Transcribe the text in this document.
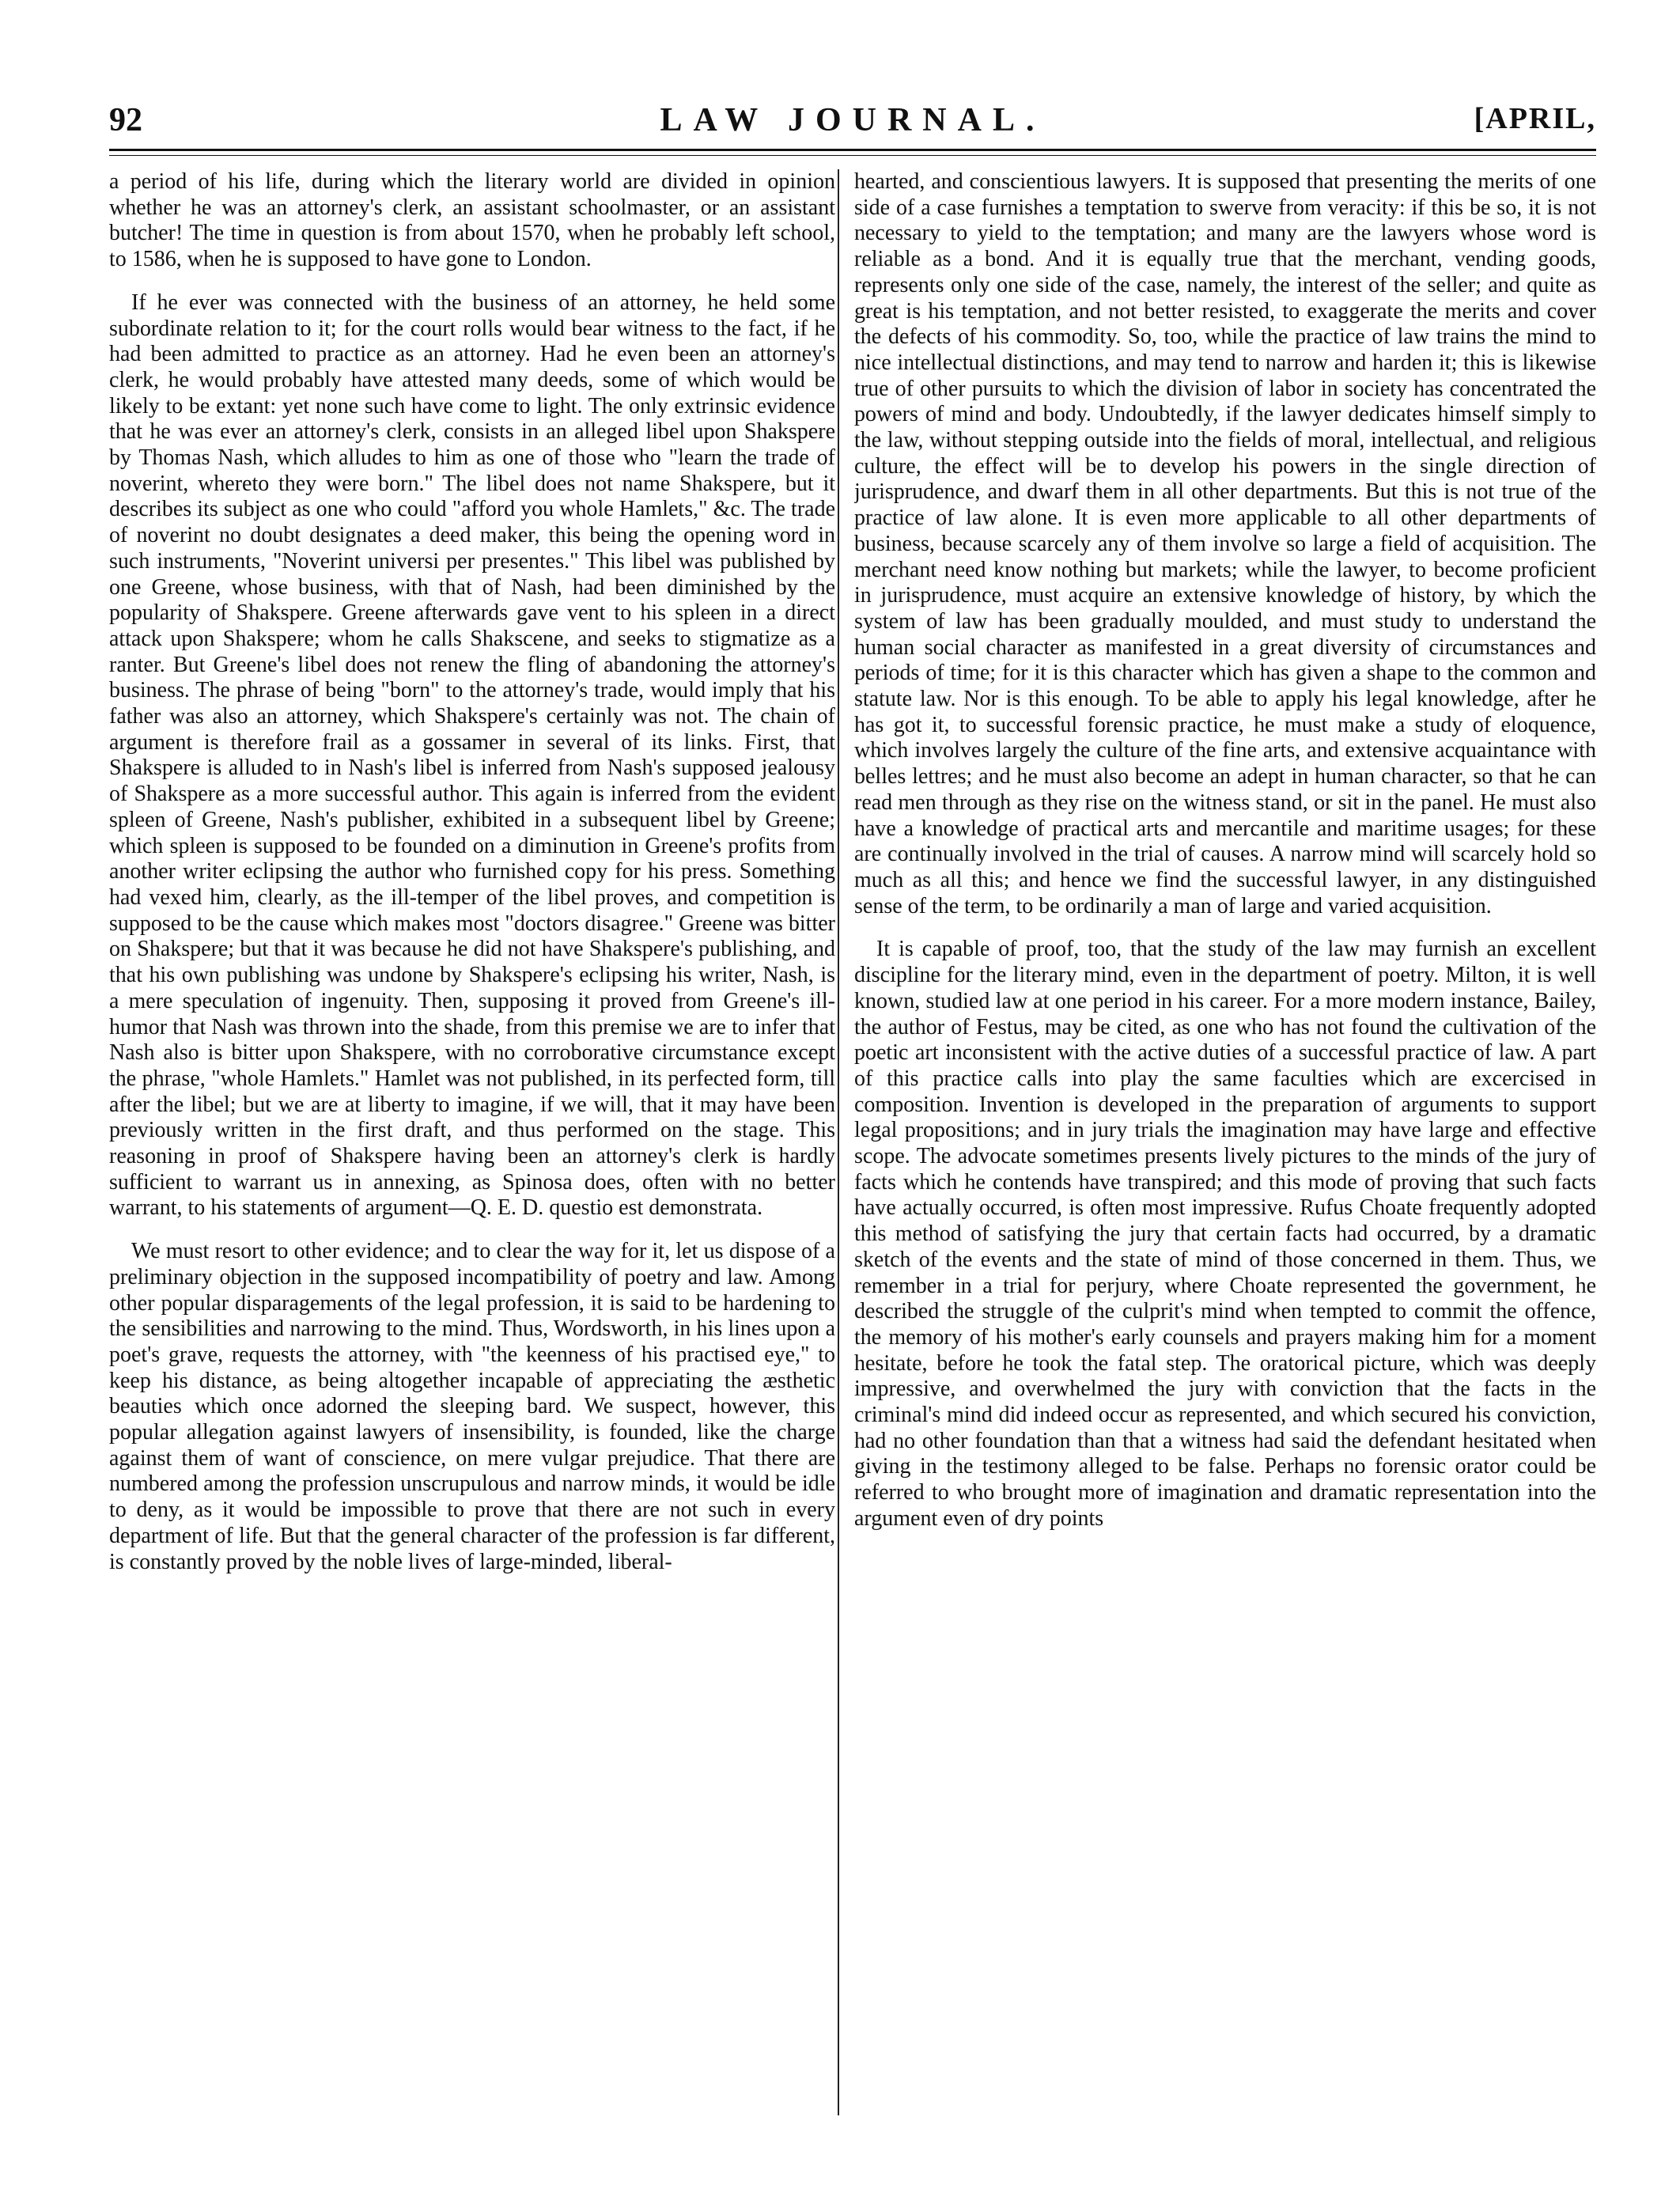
92	LAW JOURNAL.	[APRIL,

a period of his life, during which the literary world are divided in opinion whether he was an attorney's clerk, an assistant schoolmaster, or an assistant butcher! The time in question is from about 1570, when he probably left school, to 1586, when he is supposed to have gone to London.

If he ever was connected with the business of an attorney, he held some subordinate relation to it; for the court rolls would bear witness to the fact, if he had been admitted to practice as an attorney. Had he even been an attorney's clerk, he would probably have attested many deeds, some of which would be likely to be extant: yet none such have come to light. The only extrinsic evidence that he was ever an attorney's clerk, consists in an alleged libel upon Shakspere by Thomas Nash, which alludes to him as one of those who "learn the trade of noverint, whereto they were born." The libel does not name Shakspere, but it describes its subject as one who could "afford you whole Hamlets," &c. The trade of noverint no doubt designates a deed maker, this being the opening word in such instruments, "Noverint universi per presentes." This libel was published by one Greene, whose business, with that of Nash, had been diminished by the popularity of Shakspere. Greene afterwards gave vent to his spleen in a direct attack upon Shakspere; whom he calls Shakscene, and seeks to stigmatize as a ranter. But Greene's libel does not renew the fling of abandoning the attorney's business. The phrase of being "born" to the attorney's trade, would imply that his father was also an attorney, which Shakspere's certainly was not. The chain of argument is therefore frail as a gossamer in several of its links. First, that Shakspere is alluded to in Nash's libel is inferred from Nash's supposed jealousy of Shakspere as a more successful author. This again is inferred from the evident spleen of Greene, Nash's publisher, exhibited in a subsequent libel by Greene; which spleen is supposed to be founded on a diminution in Greene's profits from another writer eclipsing the author who furnished copy for his press. Something had vexed him, clearly, as the ill-temper of the libel proves, and competition is supposed to be the cause which makes most "doctors disagree." Greene was bitter on Shakspere; but that it was because he did not have Shakspere's publishing, and that his own publishing was undone by Shakspere's eclipsing his writer, Nash, is a mere speculation of ingenuity. Then, supposing it proved from Greene's ill-humor that Nash was thrown into the shade, from this premise we are to infer that Nash also is bitter upon Shakspere, with no corroborative circumstance except the phrase, "whole Hamlets." Hamlet was not published, in its perfected form, till after the libel; but we are at liberty to imagine, if we will, that it may have been previously written in the first draft, and thus performed on the stage. This reasoning in proof of Shakspere having been an attorney's clerk is hardly sufficient to warrant us in annexing, as Spinosa does, often with no better warrant, to his statements of argument—Q. E. D. questio est demonstrata.

We must resort to other evidence; and to clear the way for it, let us dispose of a preliminary objection in the supposed incompatibility of poetry and law. Among other popular disparagements of the legal profession, it is said to be hardening to the sensibilities and narrowing to the mind. Thus, Wordsworth, in his lines upon a poet's grave, requests the attorney, with "the keenness of his practised eye," to keep his distance, as being altogether incapable of appreciating the æsthetic beauties which once adorned the sleeping bard. We suspect, however, this popular allegation against lawyers of insensibility, is founded, like the charge against them of want of conscience, on mere vulgar prejudice. That there are numbered among the profession unscrupulous and narrow minds, it would be idle to deny, as it would be impossible to prove that there are not such in every department of life. But that the general character of the profession is far different, is constantly proved by the noble lives of large-minded, liberal-

hearted, and conscientious lawyers. It is supposed that presenting the merits of one side of a case furnishes a temptation to swerve from veracity: if this be so, it is not necessary to yield to the temptation; and many are the lawyers whose word is reliable as a bond. And it is equally true that the merchant, vending goods, represents only one side of the case, namely, the interest of the seller; and quite as great is his temptation, and not better resisted, to exaggerate the merits and cover the defects of his commodity. So, too, while the practice of law trains the mind to nice intellectual distinctions, and may tend to narrow and harden it; this is likewise true of other pursuits to which the division of labor in society has concentrated the powers of mind and body. Undoubtedly, if the lawyer dedicates himself simply to the law, without stepping outside into the fields of moral, intellectual, and religious culture, the effect will be to develop his powers in the single direction of jurisprudence, and dwarf them in all other departments. But this is not true of the practice of law alone. It is even more applicable to all other departments of business, because scarcely any of them involve so large a field of acquisition. The merchant need know nothing but markets; while the lawyer, to become proficient in jurisprudence, must acquire an extensive knowledge of history, by which the system of law has been gradually moulded, and must study to understand the human social character as manifested in a great diversity of circumstances and periods of time; for it is this character which has given a shape to the common and statute law. Nor is this enough. To be able to apply his legal knowledge, after he has got it, to successful forensic practice, he must make a study of eloquence, which involves largely the culture of the fine arts, and extensive acquaintance with belles lettres; and he must also become an adept in human character, so that he can read men through as they rise on the witness stand, or sit in the panel. He must also have a knowledge of practical arts and mercantile and maritime usages; for these are continually involved in the trial of causes. A narrow mind will scarcely hold so much as all this; and hence we find the successful lawyer, in any distinguished sense of the term, to be ordinarily a man of large and varied acquisition.

It is capable of proof, too, that the study of the law may furnish an excellent discipline for the literary mind, even in the department of poetry. Milton, it is well known, studied law at one period in his career. For a more modern instance, Bailey, the author of Festus, may be cited, as one who has not found the cultivation of the poetic art inconsistent with the active duties of a successful practice of law. A part of this practice calls into play the same faculties which are excercised in composition. Invention is developed in the preparation of arguments to support legal propositions; and in jury trials the imagination may have large and effective scope. The advocate sometimes presents lively pictures to the minds of the jury of facts which he contends have transpired; and this mode of proving that such facts have actually occurred, is often most impressive. Rufus Choate frequently adopted this method of satisfying the jury that certain facts had occurred, by a dramatic sketch of the events and the state of mind of those concerned in them. Thus, we remember in a trial for perjury, where Choate represented the government, he described the struggle of the culprit's mind when tempted to commit the offence, the memory of his mother's early counsels and prayers making him for a moment hesitate, before he took the fatal step. The oratorical picture, which was deeply impressive, and overwhelmed the jury with conviction that the facts in the criminal's mind did indeed occur as represented, and which secured his conviction, had no other foundation than that a witness had said the defendant hesitated when giving in the testimony alleged to be false. Perhaps no forensic orator could be referred to who brought more of imagination and dramatic representation into the argument even of dry points
